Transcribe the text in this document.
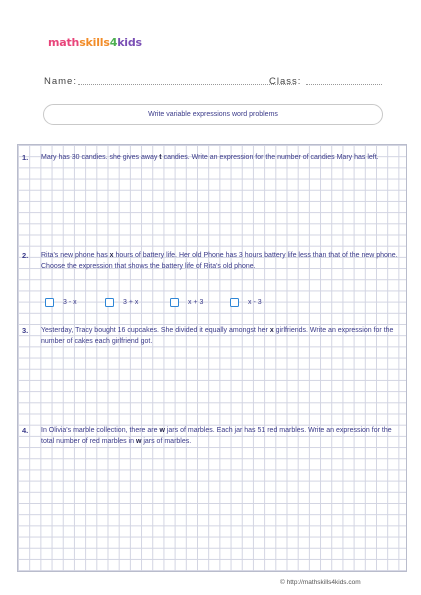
mathskills4kids
Name:	Class:
Write variable expressions word problems
1. Mary has 30 candies. she gives away t candies. Write an expression for the number of candies Mary has left.
2. Rita's new phone has x hours of battery life. Her old Phone has 3 hours battery life less than that of the new phone. Choose the expression that shows the battery life of Rita's old phone.
3 - x	3 + x	x + 3	x - 3
3. Yesterday, Tracy bought 16 cupcakes. She divided it equally amongst her x girlfriends. Write an expression for the number of cakes each girlfriend got.
4. In Olivia's marble collection, there are w jars of marbles. Each jar has 51 red marbles. Write an expression for the total number of red marbles in w jars of marbles.
© http://mathskills4kids.com
